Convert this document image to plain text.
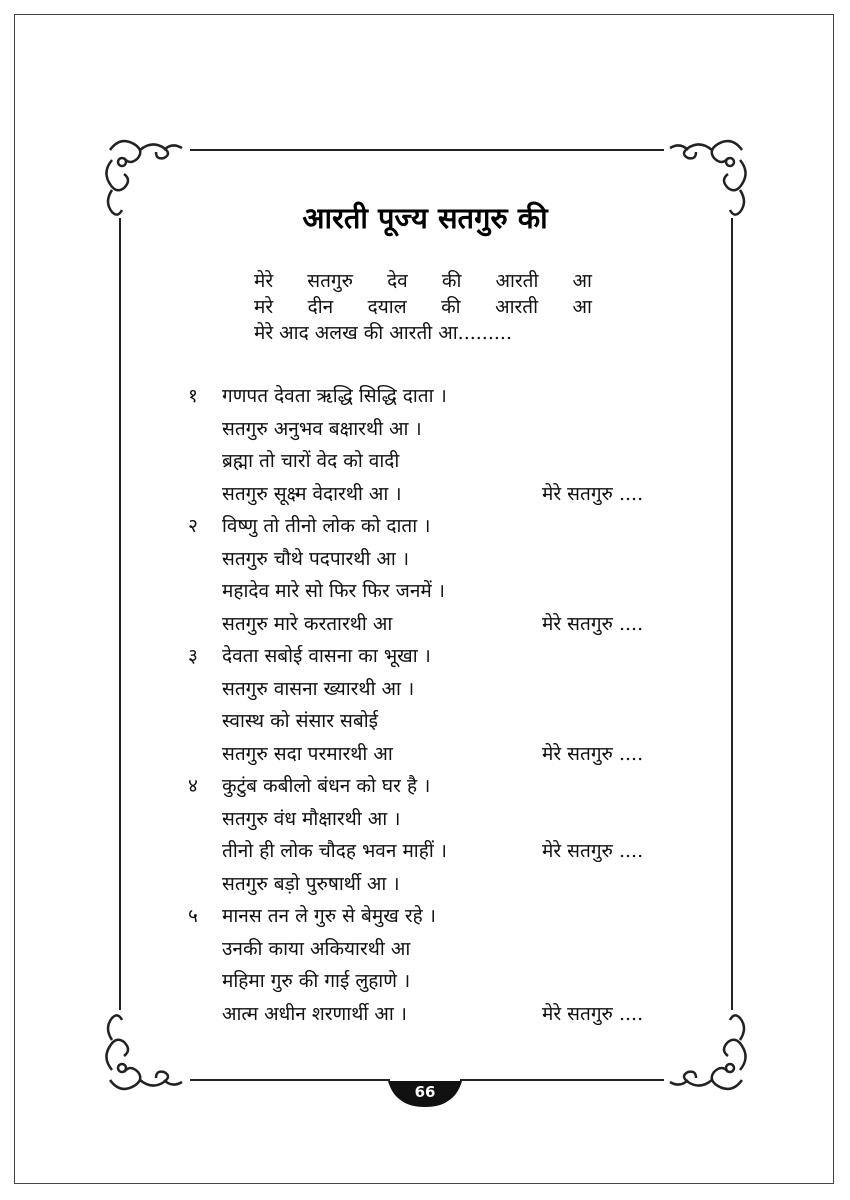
आरती पूज्य सतगुरु की
मेरे सतगुरु देव की आरती आ
मरे दीन दयाल की आरती आ
मेरे आद अलख की आरती आ.........
१	गणपत देवता ऋद्धि सिद्धि दाता ।
सतगुरु अनुभव बक्षारथी आ ।
ब्रह्मा तो चारों वेद को वादी
सतगुरु सूक्ष्म वेदारथी आ ।	मेरे सतगुरु ....
२	विष्णु तो तीनो लोक को दाता ।
सतगुरु चौथे पदपारथी आ ।
महादेव मारे सो फिर फिर जनमें ।
सतगुरु मारे करतारथी आ	मेरे सतगुरु ....
३	देवता सबोई वासना का भूखा ।
सतगुरु वासना ख्यारथी आ ।
स्वास्थ को संसार सबोई
सतगुरु सदा परमारथी आ	मेरे सतगुरु ....
४	कुटुंब कबीलो बंधन को घर है ।
सतगुरु वंध मौक्षारथी आ ।
तीनो ही लोक चौदह भवन माहीं ।	मेरे सतगुरु ....
सतगुरु बड़ो पुरुषार्थी आ ।
५	मानस तन ले गुरु से बेमुख रहे ।
उनकी काया अकियारथी आ
महिमा गुरु की गाई लुहाणे ।
आत्म अधीन शरणार्थी आ ।	मेरे सतगुरु ....
66
